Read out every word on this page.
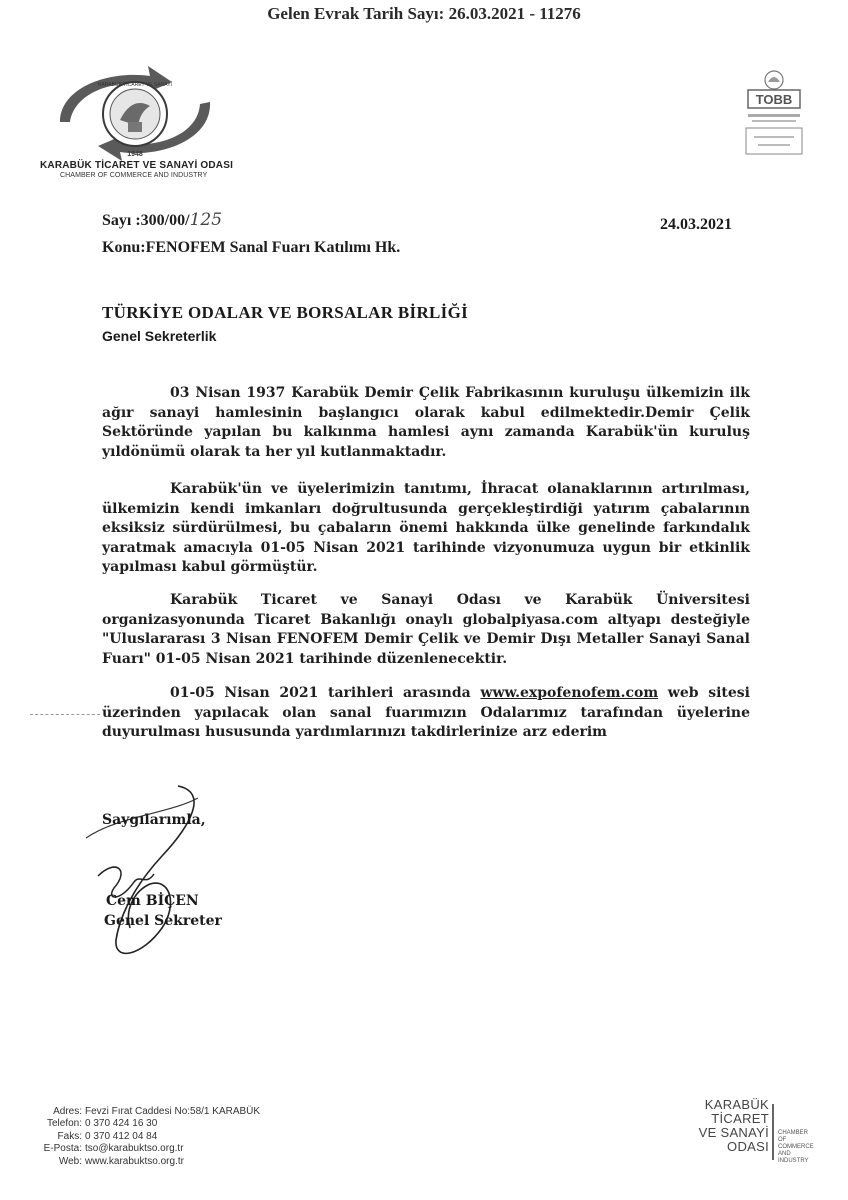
Gelen Evrak Tarih Sayı: 26.03.2021 - 11276
KARABÜK TİCARET VE SANAYİ
1948
KARABÜK TİCARET VE SANAYİ ODASI
CHAMBER OF COMMERCE AND INDUSTRY
TOBB
Sayı :300/00/125
Konu:FENOFEM Sanal Fuarı Katılımı Hk.
24.03.2021
TÜRKİYE ODALAR VE BORSALAR BİRLİĞİ
Genel Sekreterlik
03 Nisan 1937 Karabük Demir Çelik Fabrikasının kuruluşu ülkemizin ilk ağır sanayi hamlesinin başlangıcı olarak kabul edilmektedir.Demir Çelik Sektöründe yapılan bu kalkınma hamlesi aynı zamanda Karabük'ün kuruluş yıldönümü olarak ta her yıl kutlanmaktadır.
Karabük'ün ve üyelerimizin tanıtımı, İhracat olanaklarının artırılması, ülkemizin kendi imkanları doğrultusunda gerçekleştirdiği yatırım çabalarının eksiksiz sürdürülmesi, bu çabaların önemi hakkında ülke genelinde farkındalık yaratmak amacıyla 01-05 Nisan 2021 tarihinde vizyonumuza uygun bir etkinlik yapılması kabul görmüştür.
Karabük Ticaret ve Sanayi Odası ve Karabük Üniversitesi organizasyonunda Ticaret Bakanlığı onaylı globalpiyasa.com altyapı desteğiyle "Uluslararası 3 Nisan FENOFEM Demir Çelik ve Demir Dışı Metaller Sanayi Sanal Fuarı" 01-05 Nisan 2021 tarihinde düzenlenecektir.
01-05 Nisan 2021 tarihleri arasında www.expofenofem.com web sitesi üzerinden yapılacak olan sanal fuarımızın Odalarımız tarafından üyelerine duyurulması hususunda yardımlarınızı takdirlerinize arz ederim
Saygılarımla,
Cem BİÇEN
Genel Sekreter
Adres: Fevzi Fırat Caddesi No:58/1 KARABÜK
Telefon: 0 370 424 16 30
Faks: 0 370 412 04 84
E-Posta: tso@karabuktso.org.tr
Web: www.karabuktso.org.tr
KARABÜK
TİCARET
VE SANAYİ
ODASI
CHAMBER
OF
COMMERCE
AND
INDUSTRY
